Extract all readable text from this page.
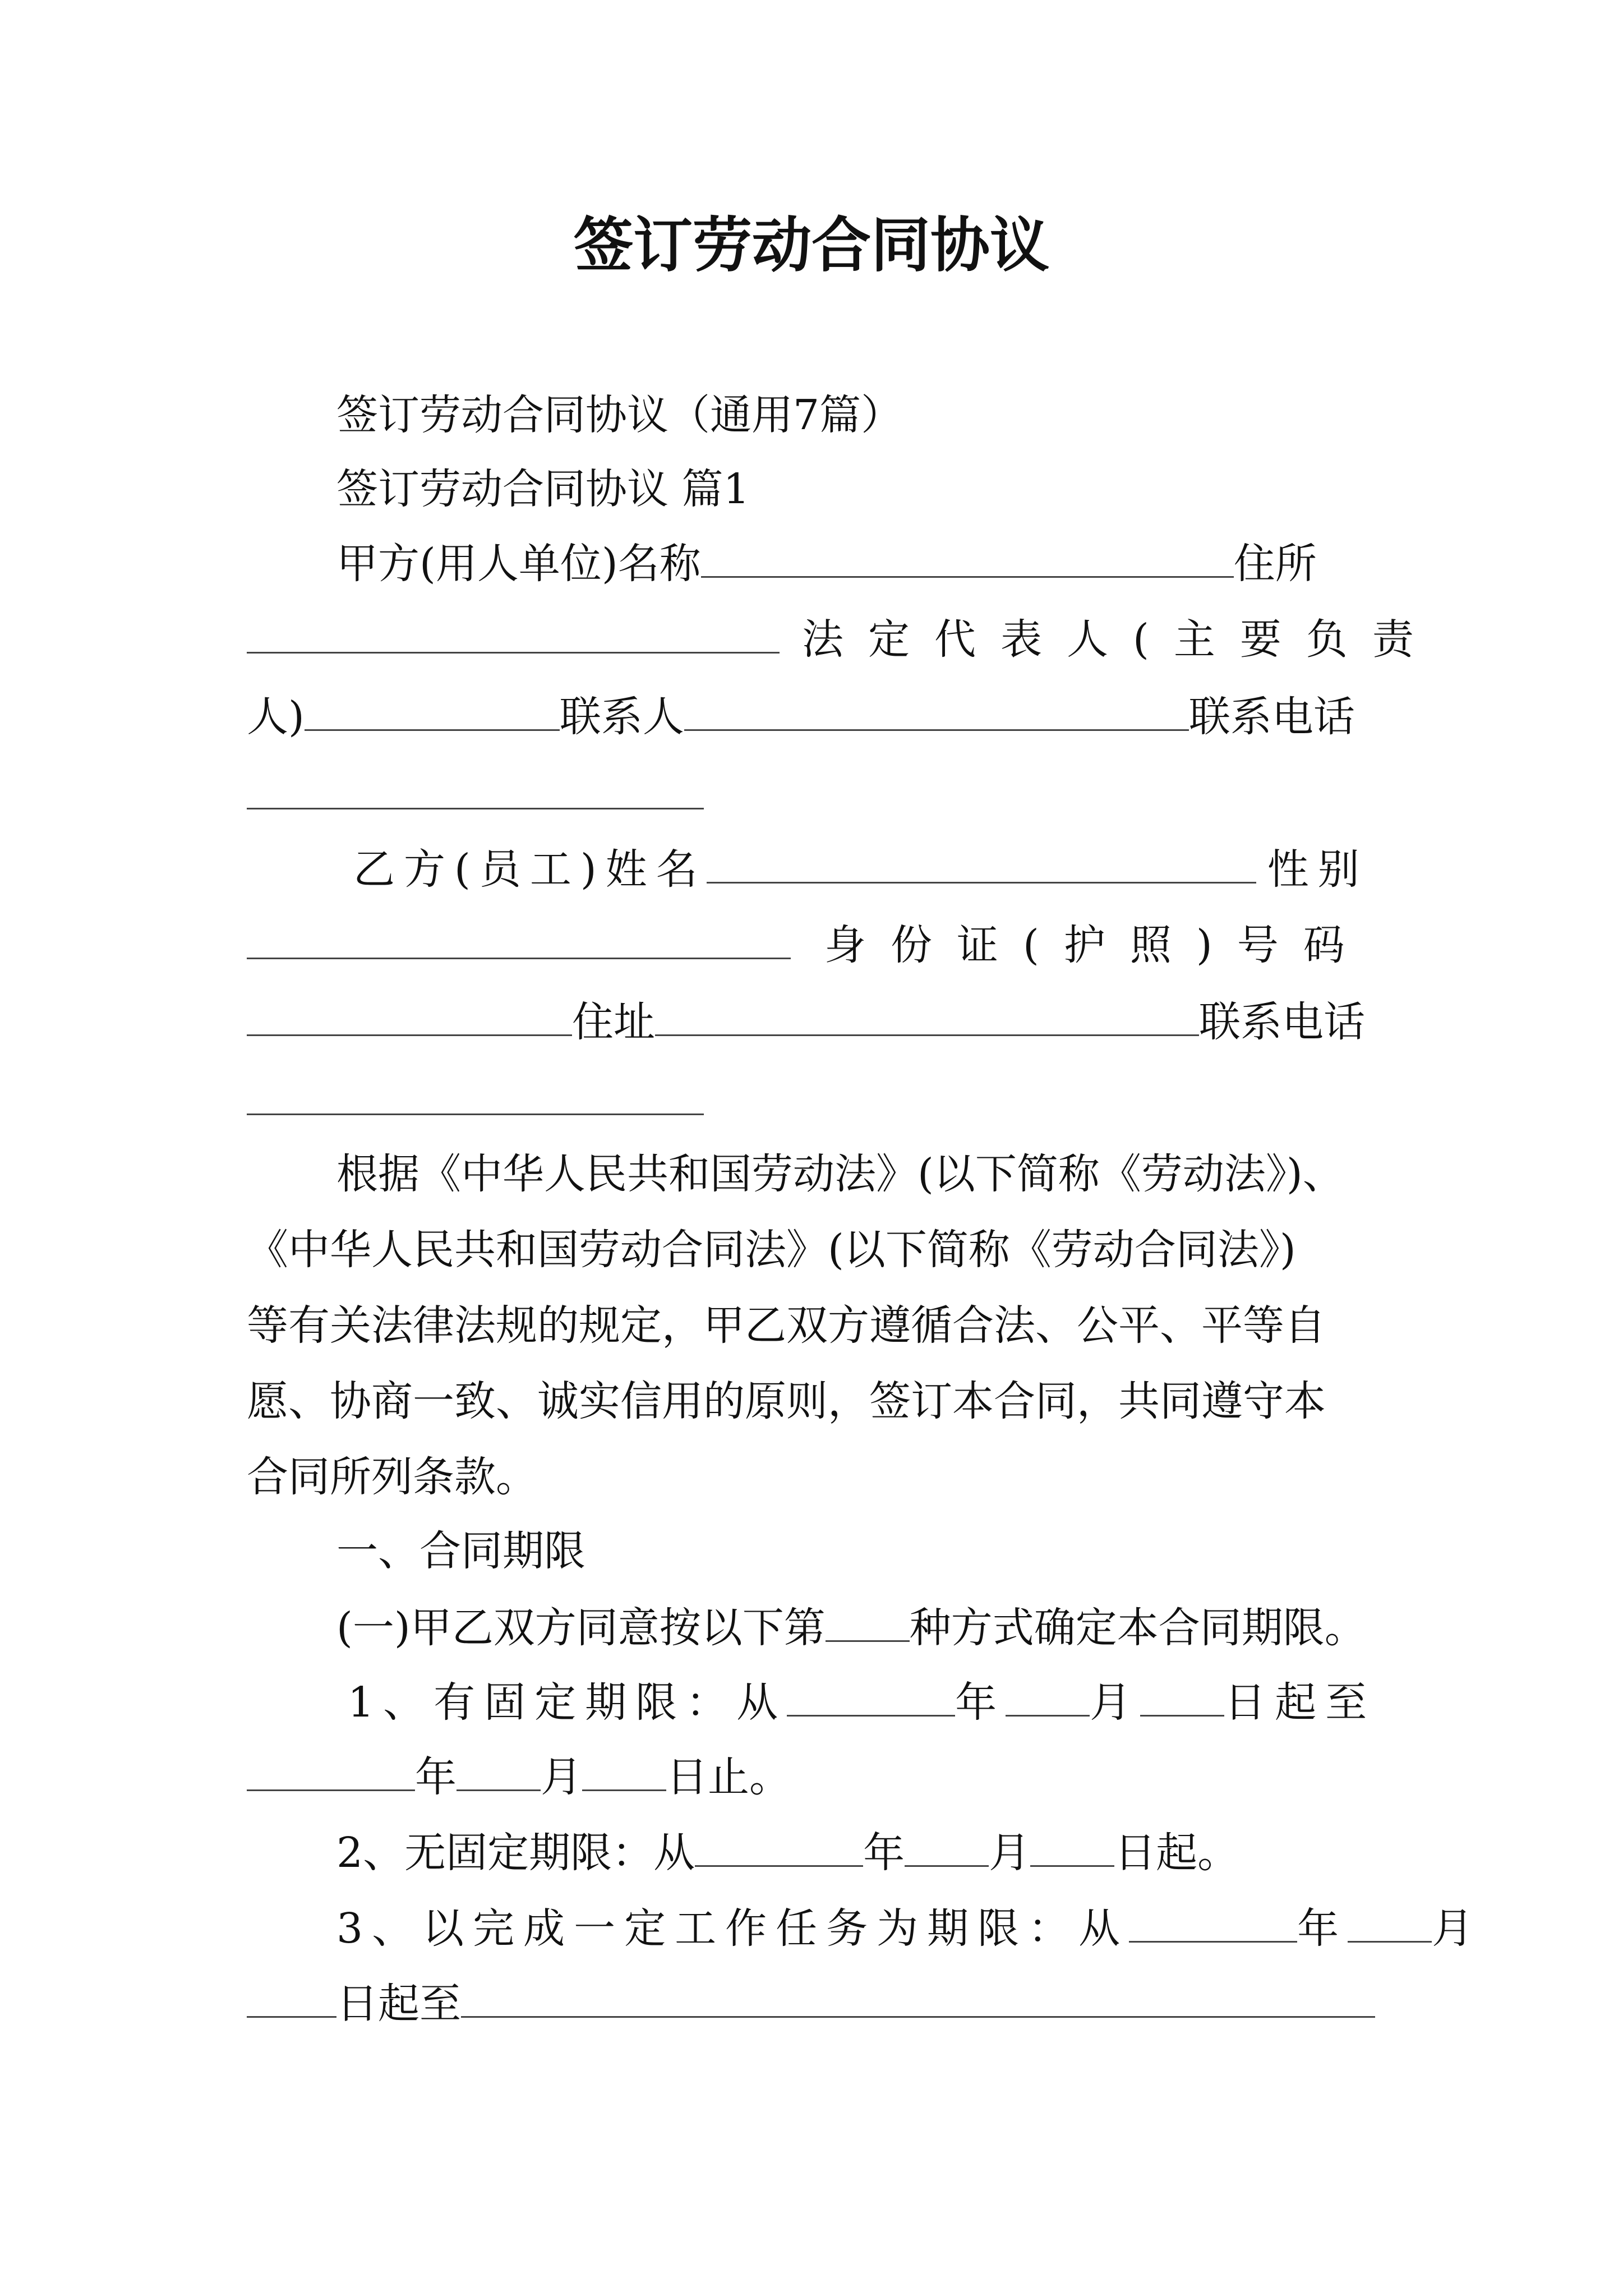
签订劳动合同协议
签订劳动合同协议（通用7篇）
签订劳动合同协议 篇1
甲方(用人单位)名称	住所
法定代表人(主要负责
人)	联系人	联系电话
乙方(员工)姓名	性别
身份证(护照)号码
住址	联系电话
根据《中华人民共和国劳动法》(以下简称《劳动法》)、
《中华人民共和国劳动合同法》(以下简称《劳动合同法》)
等有关法律法规的规定，甲乙双方遵循合法、公平、平等自
愿、协商一致、诚实信用的原则，签订本合同，共同遵守本
合同所列条款。
一、合同期限
(一)甲乙双方同意按以下第 种方式确定本合同期限。
1、有固定期限：从	年 月 日起至
年 月 日止。
2、无固定期限：从	年 月 日起。
3、以完成一定工作任务为期限：从	年 月
日起至
